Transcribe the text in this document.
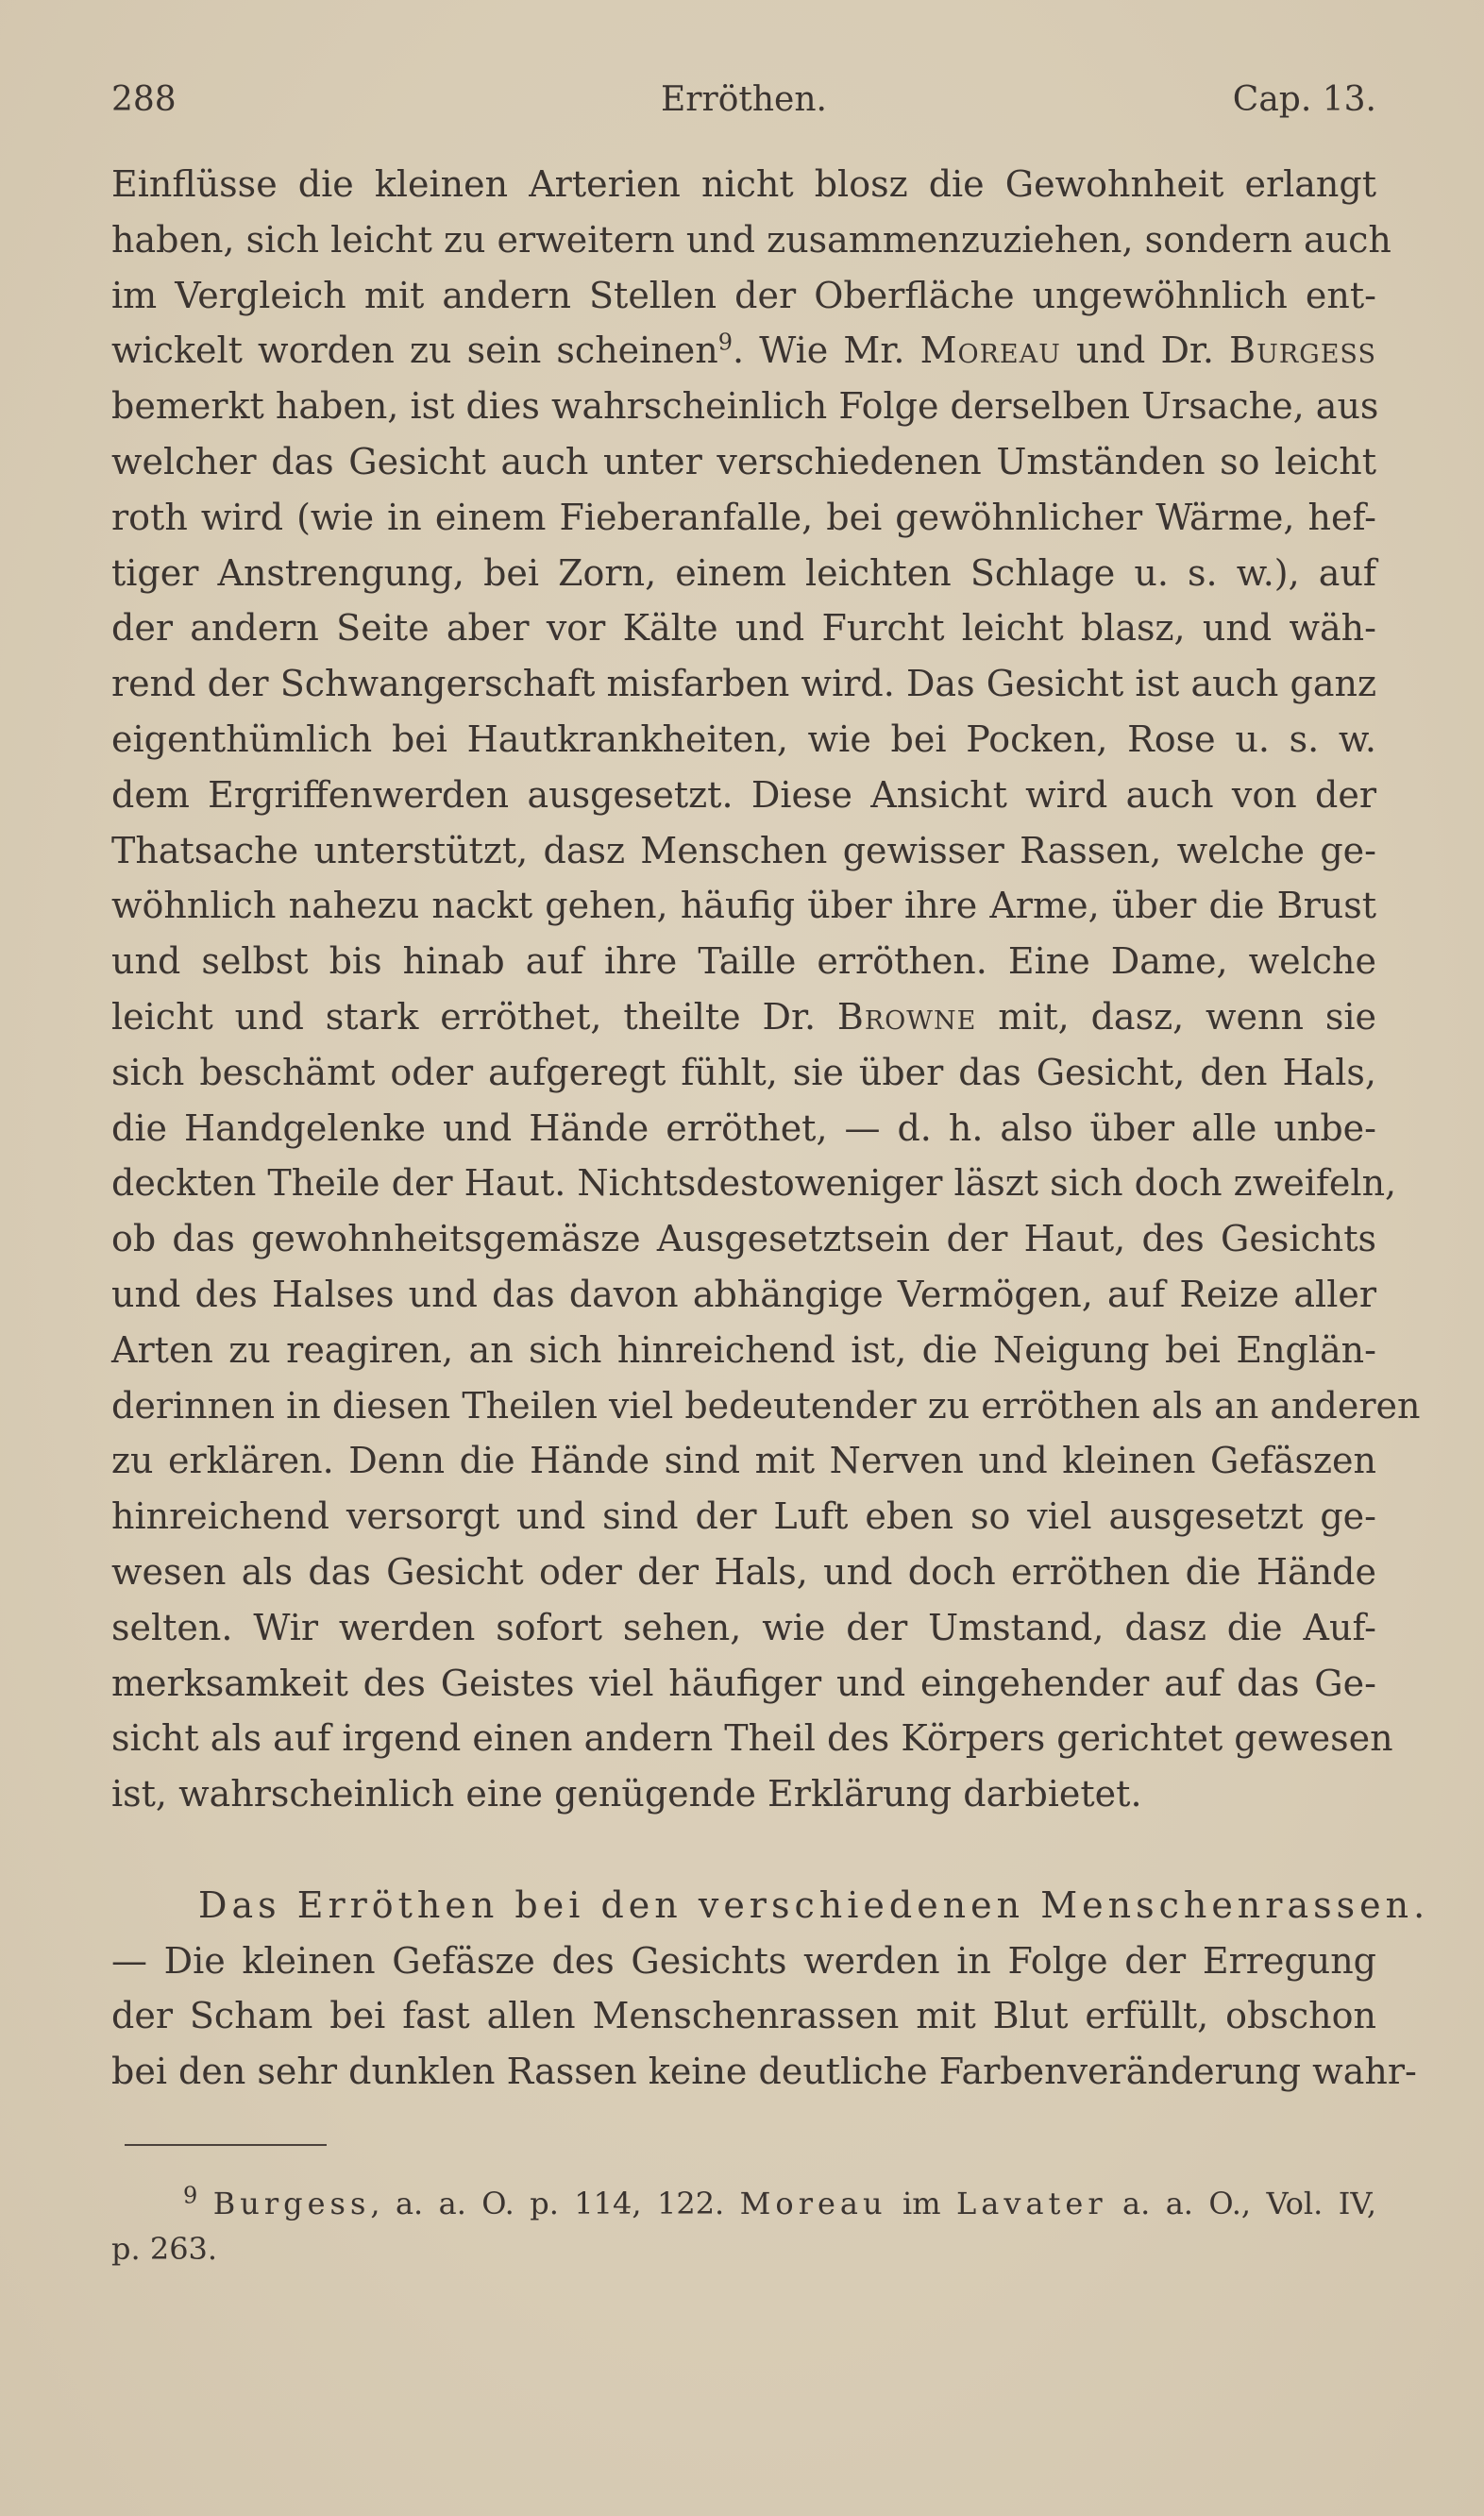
288	Erröthen.	Cap. 13.
Einflüsse die kleinen Arterien nicht blosz die Gewohnheit erlangt
haben, sich leicht zu erweitern und zusammenzuziehen, sondern auch
im Vergleich mit andern Stellen der Oberfläche ungewöhnlich ent-
wickelt worden zu sein scheinen$^9$. Wie Mr. Moreau und Dr. Burgess
bemerkt haben, ist dies wahrscheinlich Folge derselben Ursache, aus
welcher das Gesicht auch unter verschiedenen Umständen so leicht
roth wird (wie in einem Fieberanfalle, bei gewöhnlicher Wärme, hef-
tiger Anstrengung, bei Zorn, einem leichten Schlage u. s. w.), auf
der andern Seite aber vor Kälte und Furcht leicht blasz, und wäh-
rend der Schwangerschaft misfarben wird. Das Gesicht ist auch ganz
eigenthümlich bei Hautkrankheiten, wie bei Pocken, Rose u. s. w.
dem Ergriffenwerden ausgesetzt. Diese Ansicht wird auch von der
Thatsache unterstützt, dasz Menschen gewisser Rassen, welche ge-
wöhnlich nahezu nackt gehen, häufig über ihre Arme, über die Brust
und selbst bis hinab auf ihre Taille erröthen. Eine Dame, welche
leicht und stark erröthet, theilte Dr. Browne mit, dasz, wenn sie
sich beschämt oder aufgeregt fühlt, sie über das Gesicht, den Hals,
die Handgelenke und Hände erröthet, — d. h. also über alle unbe-
deckten Theile der Haut. Nichtsdestoweniger läszt sich doch zweifeln,
ob das gewohnheitsgemäsze Ausgesetztsein der Haut, des Gesichts
und des Halses und das davon abhängige Vermögen, auf Reize aller
Arten zu reagiren, an sich hinreichend ist, die Neigung bei Englän-
derinnen in diesen Theilen viel bedeutender zu erröthen als an anderen
zu erklären. Denn die Hände sind mit Nerven und kleinen Gefäszen
hinreichend versorgt und sind der Luft eben so viel ausgesetzt ge-
wesen als das Gesicht oder der Hals, und doch erröthen die Hände
selten. Wir werden sofort sehen, wie der Umstand, dasz die Auf-
merksamkeit des Geistes viel häufiger und eingehender auf das Ge-
sicht als auf irgend einen andern Theil des Körpers gerichtet gewesen
ist, wahrscheinlich eine genügende Erklärung darbietet.
Das Erröthen bei den verschiedenen Menschenrassen.
— Die kleinen Gefäsze des Gesichts werden in Folge der Erregung
der Scham bei fast allen Menschenrassen mit Blut erfüllt, obschon
bei den sehr dunklen Rassen keine deutliche Farbenveränderung wahr-
$^9$ Burgess, a. a. O. p. 114, 122. Moreau im Lavater a. a. O., Vol. IV,
p. 263.
